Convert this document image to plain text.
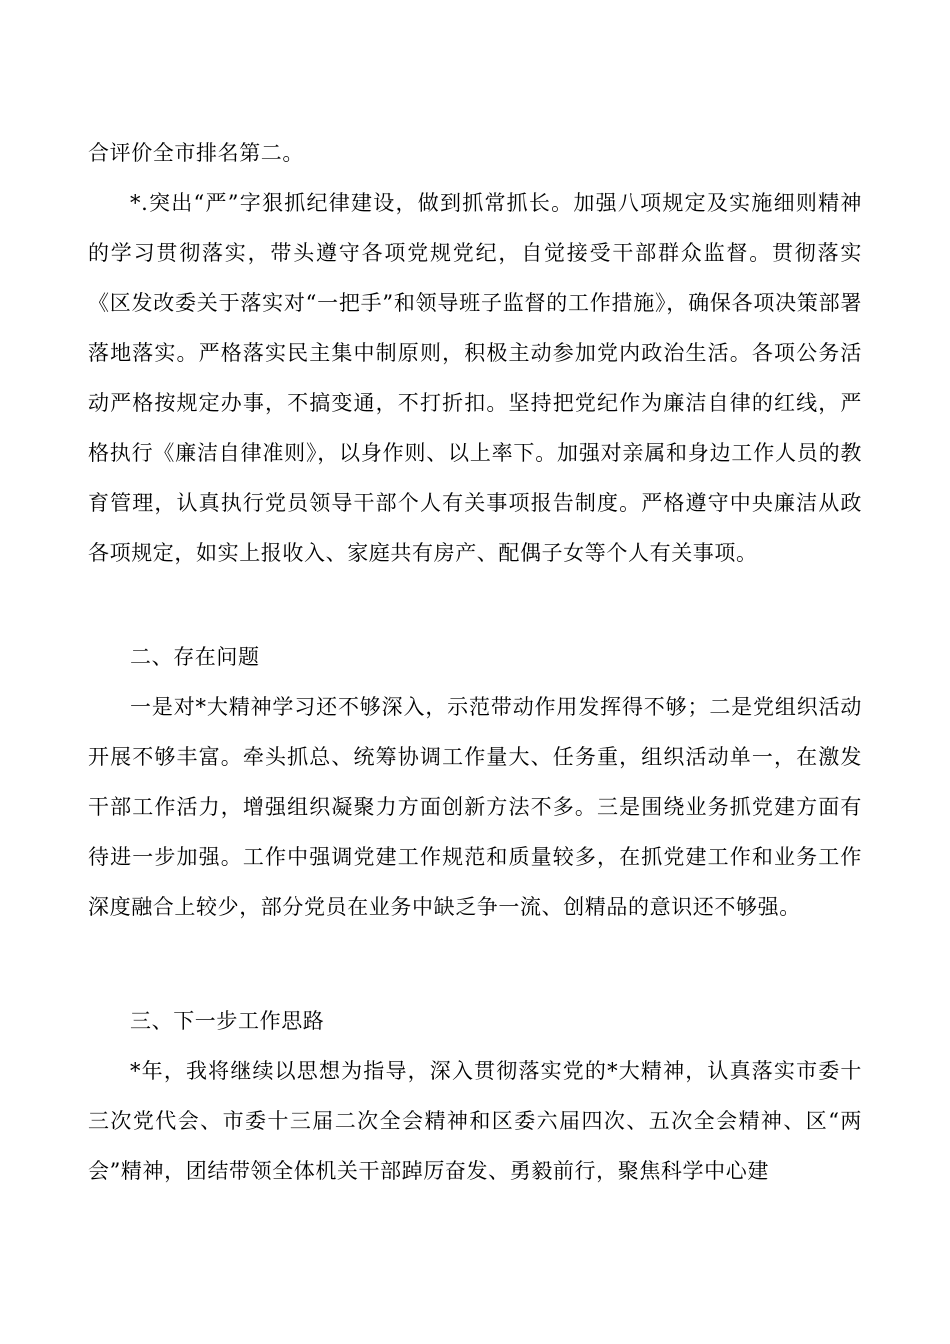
合评价全市排名第二。

*.突出“严”字狠抓纪律建设，做到抓常抓长。加强八项规定及实施细则精神的学习贯彻落实，带头遵守各项党规党纪，自觉接受干部群众监督。贯彻落实《区发改委关于落实对“一把手”和领导班子监督的工作措施》，确保各项决策部署落地落实。严格落实民主集中制原则，积极主动参加党内政治生活。各项公务活动严格按规定办事，不搞变通，不打折扣。坚持把党纪作为廉洁自律的红线，严格执行《廉洁自律准则》，以身作则、以上率下。加强对亲属和身边工作人员的教育管理，认真执行党员领导干部个人有关事项报告制度。严格遵守中央廉洁从政各项规定，如实上报收入、家庭共有房产、配偶子女等个人有关事项。

二、存在问题

一是对*大精神学习还不够深入，示范带动作用发挥得不够；二是党组织活动开展不够丰富。牵头抓总、统筹协调工作量大、任务重，组织活动单一，在激发干部工作活力，增强组织凝聚力方面创新方法不多。三是围绕业务抓党建方面有待进一步加强。工作中强调党建工作规范和质量较多，在抓党建工作和业务工作深度融合上较少，部分党员在业务中缺乏争一流、创精品的意识还不够强。

三、下一步工作思路

*年，我将继续以思想为指导，深入贯彻落实党的*大精神，认真落实市委十三次党代会、市委十三届二次全会精神和区委六届四次、五次全会精神、区“两会”精神，团结带领全体机关干部踔厉奋发、勇毅前行，聚焦科学中心建
